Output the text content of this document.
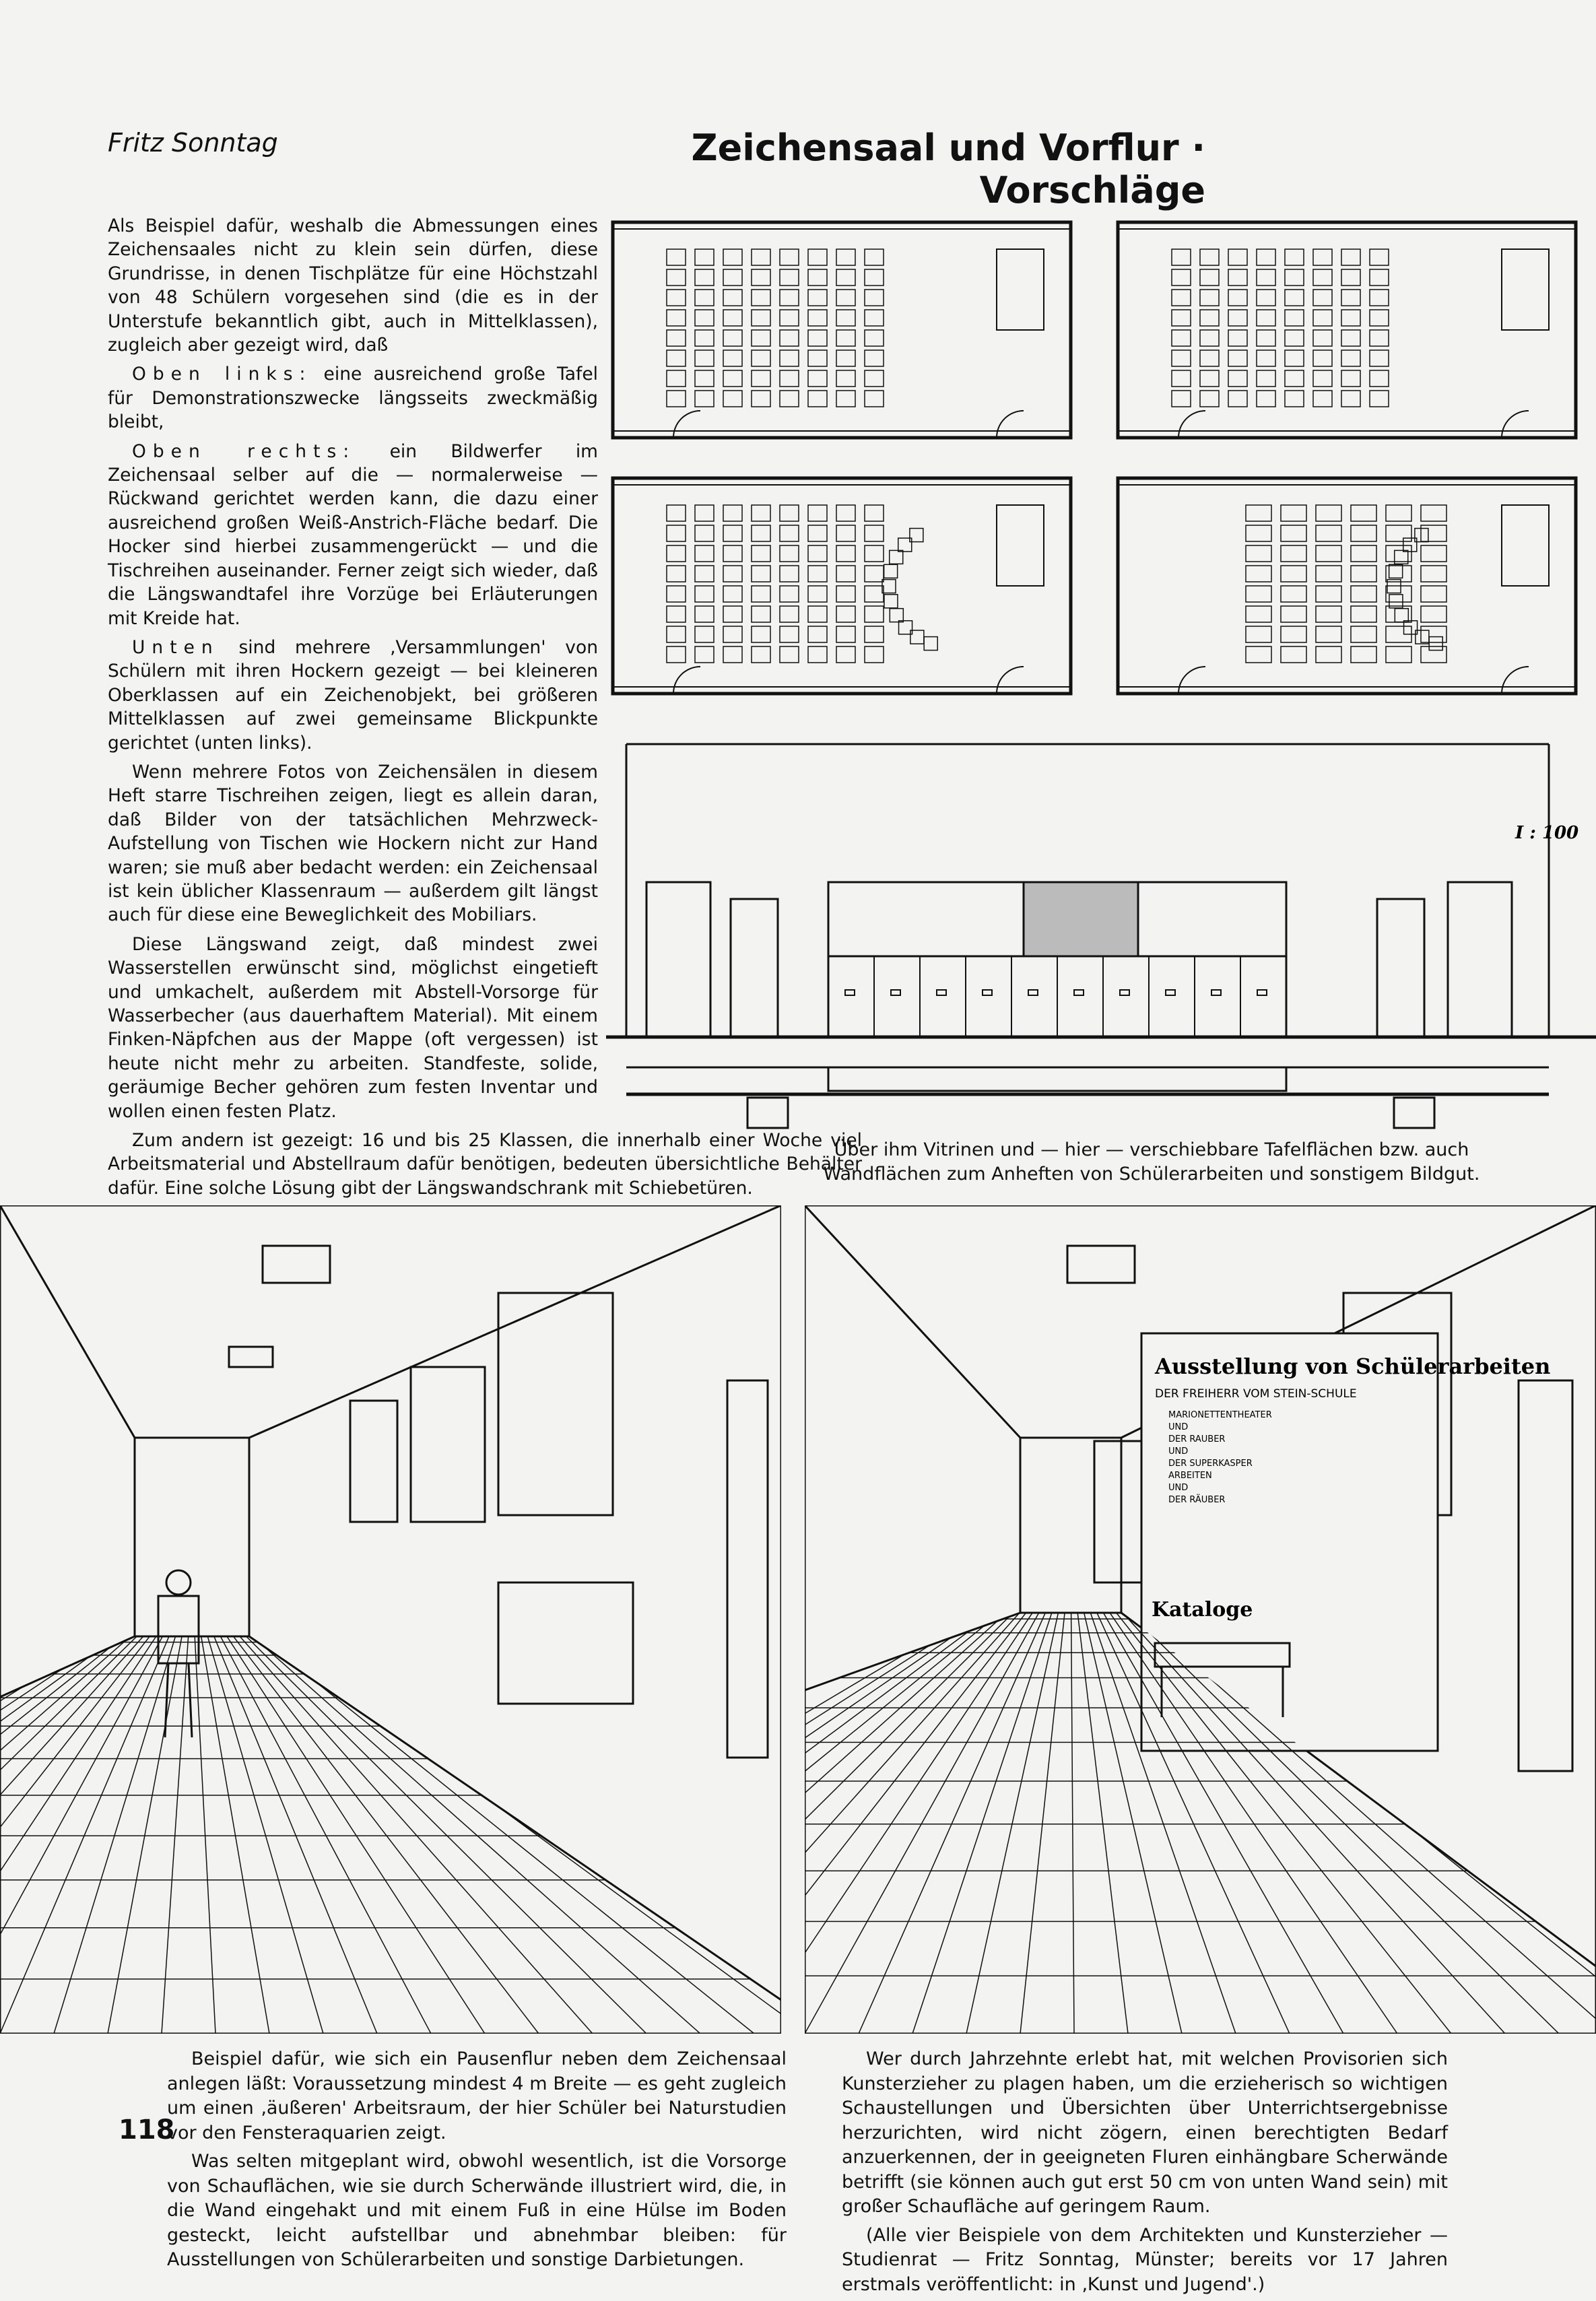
Fritz Sonntag	Zeichensaal und Vorflur · Vorschläge

Als Beispiel dafür, weshalb die Abmessungen eines Zeichensaales nicht zu klein sein dürfen, diese Grundrisse, in denen Tischplätze für eine Höchstzahl von 48 Schülern vorgesehen sind (die es in der Unterstufe bekanntlich gibt, auch in Mittelklassen), zugleich aber gezeigt wird, daß

Oben links: eine ausreichend große Tafel für Demonstrationszwecke längsseits zweckmäßig bleibt,

Oben rechts: ein Bildwerfer im Zeichensaal selber auf die — normalerweise — Rückwand gerichtet werden kann, die dazu einer ausreichend großen Weiß-Anstrich-Fläche bedarf. Die Hocker sind hierbei zusammengerückt — und die Tischreihen auseinander. Ferner zeigt sich wieder, daß die Längswandtafel ihre Vorzüge bei Erläuterungen mit Kreide hat.

Unten sind mehrere ‚Versammlungen' von Schülern mit ihren Hockern gezeigt — bei kleineren Oberklassen auf ein Zeichenobjekt, bei größeren Mittelklassen auf zwei gemeinsame Blickpunkte gerichtet (unten links).

Wenn mehrere Fotos von Zeichensälen in diesem Heft starre Tischreihen zeigen, liegt es allein daran, daß Bilder von der tatsächlichen Mehrzweck-Aufstellung von Tischen wie Hockern nicht zur Hand waren; sie muß aber bedacht werden: ein Zeichensaal ist kein üblicher Klassenraum — außerdem gilt längst auch für diese eine Beweglichkeit des Mobiliars.

Diese Längswand zeigt, daß mindest zwei Wasserstellen erwünscht sind, möglichst eingetieft und umkachelt, außerdem mit Abstell-Vorsorge für Wasserbecher (aus dauerhaftem Material). Mit einem Finken-Näpfchen aus der Mappe (oft vergessen) ist heute nicht mehr zu arbeiten. Standfeste, solide, geräumige Becher gehören zum festen Inventar und wollen einen festen Platz.

Zum andern ist gezeigt: 16 und bis 25 Klassen, die innerhalb einer Woche viel Arbeitsmaterial und Abstellraum dafür benötigen, bedeuten übersichtliche Behälter dafür. Eine solche Lösung gibt der Längswandschrank mit Schiebetüren.

I : 100
Über ihm Vitrinen und — hier — verschiebbare Tafelflächen bzw. auch Wandflächen zum Anheften von Schülerarbeiten und sonstigem Bildgut.
Ausstellung von Schülerarbeiten
DER FREIHERR VOM STEIN-SCHULE
MARIONETTENTHEATER
UND
DER RAUBER
UND
DER SUPERKASPER
ARBEITEN
UND
DER RÄUBER
Kataloge

Beispiel dafür, wie sich ein Pausenflur neben dem Zeichensaal anlegen läßt: Voraussetzung mindest 4 m Breite — es geht zugleich um einen ‚äußeren' Arbeitsraum, der hier Schüler bei Naturstudien vor den Fensteraquarien zeigt.

Was selten mitgeplant wird, obwohl wesentlich, ist die Vorsorge von Schauflächen, wie sie durch Scherwände illustriert wird, die, in die Wand eingehakt und mit einem Fuß in eine Hülse im Boden gesteckt, leicht aufstellbar und abnehmbar bleiben: für Ausstellungen von Schülerarbeiten und sonstige Darbietungen.

Wer durch Jahrzehnte erlebt hat, mit welchen Provisorien sich Kunsterzieher zu plagen haben, um die erzieherisch so wichtigen Schaustellungen und Übersichten über Unterrichtsergebnisse herzurichten, wird nicht zögern, einen berechtigten Bedarf anzuerkennen, der in geeigneten Fluren einhängbare Scherwände betrifft (sie können auch gut erst 50 cm von unten Wand sein) mit großer Schaufläche auf geringem Raum.

(Alle vier Beispiele von dem Architekten und Kunsterzieher — Studienrat — Fritz Sonntag, Münster; bereits vor 17 Jahren erstmals veröffentlicht: in ‚Kunst und Jugend'.)

118
